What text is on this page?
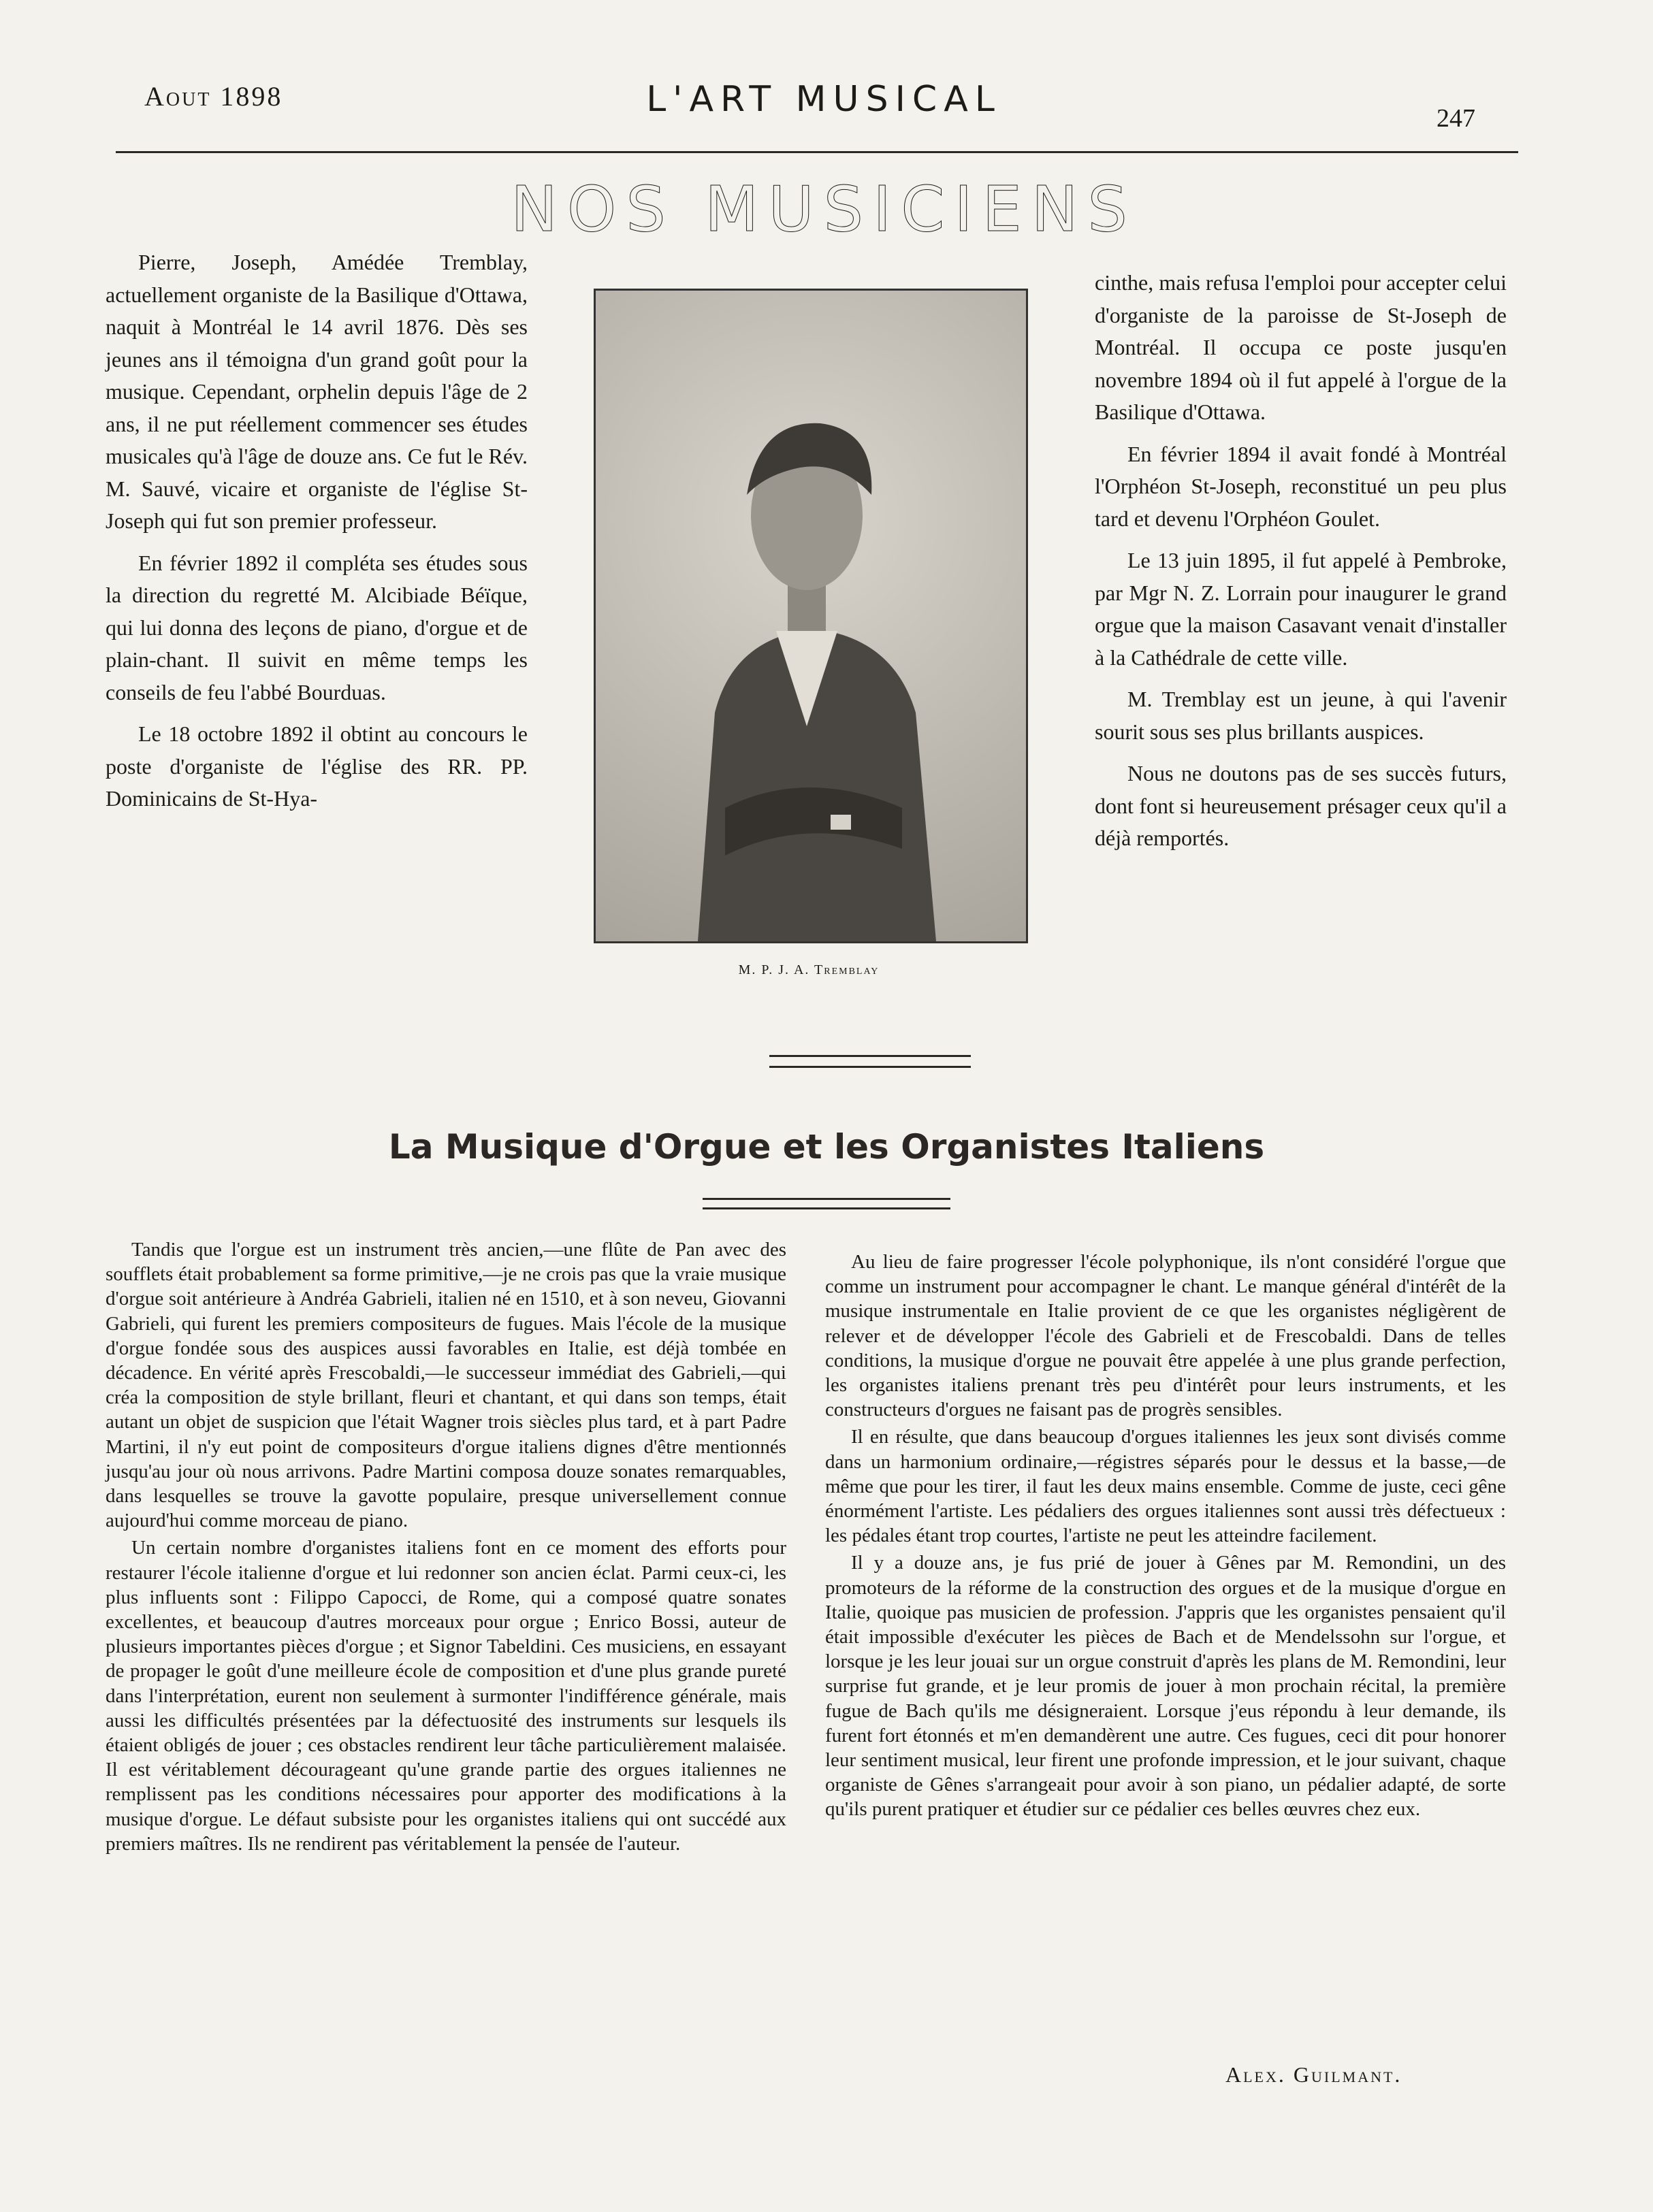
Aout 1898	L'ART MUSICAL	247
NOS MUSICIENS

Pierre, Joseph, Amédée Tremblay, actuellement organiste de la Basilique d'Ottawa, naquit à Montréal le 14 avril 1876. Dès ses jeunes ans il témoigna d'un grand goût pour la musique. Cependant, orphelin depuis l'âge de 2 ans, il ne put réellement commencer ses études musicales qu'à l'âge de douze ans. Ce fut le Rév. M. Sauvé, vicaire et organiste de l'église St-Joseph qui fut son premier professeur.

En février 1892 il compléta ses études sous la direction du regretté M. Alcibiade Béïque, qui lui donna des leçons de piano, d'orgue et de plain-chant. Il suivit en même temps les conseils de feu l'abbé Bourduas.

Le 18 octobre 1892 il obtint au concours le poste d'organiste de l'église des RR. PP. Dominicains de St-Hya-

M. P. J. A. Tremblay

cinthe, mais refusa l'emploi pour accepter celui d'organiste de la paroisse de St-Joseph de Montréal. Il occupa ce poste jusqu'en novembre 1894 où il fut appelé à l'orgue de la Basilique d'Ottawa.

En février 1894 il avait fondé à Montréal l'Orphéon St-Joseph, reconstitué un peu plus tard et devenu l'Orphéon Goulet.

Le 13 juin 1895, il fut appelé à Pembroke, par Mgr N. Z. Lorrain pour inaugurer le grand orgue que la maison Casavant venait d'installer à la Cathédrale de cette ville.

M. Tremblay est un jeune, à qui l'avenir sourit sous ses plus brillants auspices.

Nous ne doutons pas de ses succès futurs, dont font si heureusement présager ceux qu'il a déjà remportés.

La Musique d'Orgue et les Organistes Italiens

Tandis que l'orgue est un instrument très ancien,—une flûte de Pan avec des soufflets était probablement sa forme primitive,—je ne crois pas que la vraie musique d'orgue soit antérieure à Andréa Gabrieli, italien né en 1510, et à son neveu, Giovanni Gabrieli, qui furent les premiers compositeurs de fugues. Mais l'école de la musique d'orgue fondée sous des auspices aussi favorables en Italie, est déjà tombée en décadence. En vérité après Frescobaldi,—le successeur immédiat des Gabrieli,—qui créa la composition de style brillant, fleuri et chantant, et qui dans son temps, était autant un objet de suspicion que l'était Wagner trois siècles plus tard, et à part Padre Martini, il n'y eut point de compositeurs d'orgue italiens dignes d'être mentionnés jusqu'au jour où nous arrivons. Padre Martini composa douze sonates remarquables, dans lesquelles se trouve la gavotte populaire, presque universellement connue aujourd'hui comme morceau de piano.

Un certain nombre d'organistes italiens font en ce moment des efforts pour restaurer l'école italienne d'orgue et lui redonner son ancien éclat. Parmi ceux-ci, les plus influents sont : Filippo Capocci, de Rome, qui a composé quatre sonates excellentes, et beaucoup d'autres morceaux pour orgue ; Enrico Bossi, auteur de plusieurs importantes pièces d'orgue ; et Signor Tabeldini. Ces musiciens, en essayant de propager le goût d'une meilleure école de composition et d'une plus grande pureté dans l'interprétation, eurent non seulement à surmonter l'indifférence générale, mais aussi les difficultés présentées par la défectuosité des instruments sur lesquels ils étaient obligés de jouer ; ces obstacles rendirent leur tâche particulièrement malaisée. Il est véritablement décourageant qu'une grande partie des orgues italiennes ne remplissent pas les conditions nécessaires pour apporter des modifications à la musique d'orgue. Le défaut subsiste pour les organistes italiens qui ont succédé aux premiers maîtres. Ils ne rendirent pas véritablement la pensée de l'auteur.

Au lieu de faire progresser l'école polyphonique, ils n'ont considéré l'orgue que comme un instrument pour accompagner le chant. Le manque général d'intérêt de la musique instrumentale en Italie provient de ce que les organistes négligèrent de relever et de développer l'école des Gabrieli et de Frescobaldi. Dans de telles conditions, la musique d'orgue ne pouvait être appelée à une plus grande perfection, les organistes italiens prenant très peu d'intérêt pour leurs instruments, et les constructeurs d'orgues ne faisant pas de progrès sensibles.

Il en résulte, que dans beaucoup d'orgues italiennes les jeux sont divisés comme dans un harmonium ordinaire,—régistres séparés pour le dessus et la basse,—de même que pour les tirer, il faut les deux mains ensemble. Comme de juste, ceci gêne énormément l'artiste. Les pédaliers des orgues italiennes sont aussi très défectueux : les pédales étant trop courtes, l'artiste ne peut les atteindre facilement.

Il y a douze ans, je fus prié de jouer à Gênes par M. Remondini, un des promoteurs de la réforme de la construction des orgues et de la musique d'orgue en Italie, quoique pas musicien de profession. J'appris que les organistes pensaient qu'il était impossible d'exécuter les pièces de Bach et de Mendelssohn sur l'orgue, et lorsque je les leur jouai sur un orgue construit d'après les plans de M. Remondini, leur surprise fut grande, et je leur promis de jouer à mon prochain récital, la première fugue de Bach qu'ils me désigneraient. Lorsque j'eus répondu à leur demande, ils furent fort étonnés et m'en demandèrent une autre. Ces fugues, ceci dit pour honorer leur sentiment musical, leur firent une profonde impression, et le jour suivant, chaque organiste de Gênes s'arrangeait pour avoir à son piano, un pédalier adapté, de sorte qu'ils purent pratiquer et étudier sur ce pédalier ces belles œuvres chez eux.

Alex. Guilmant.
